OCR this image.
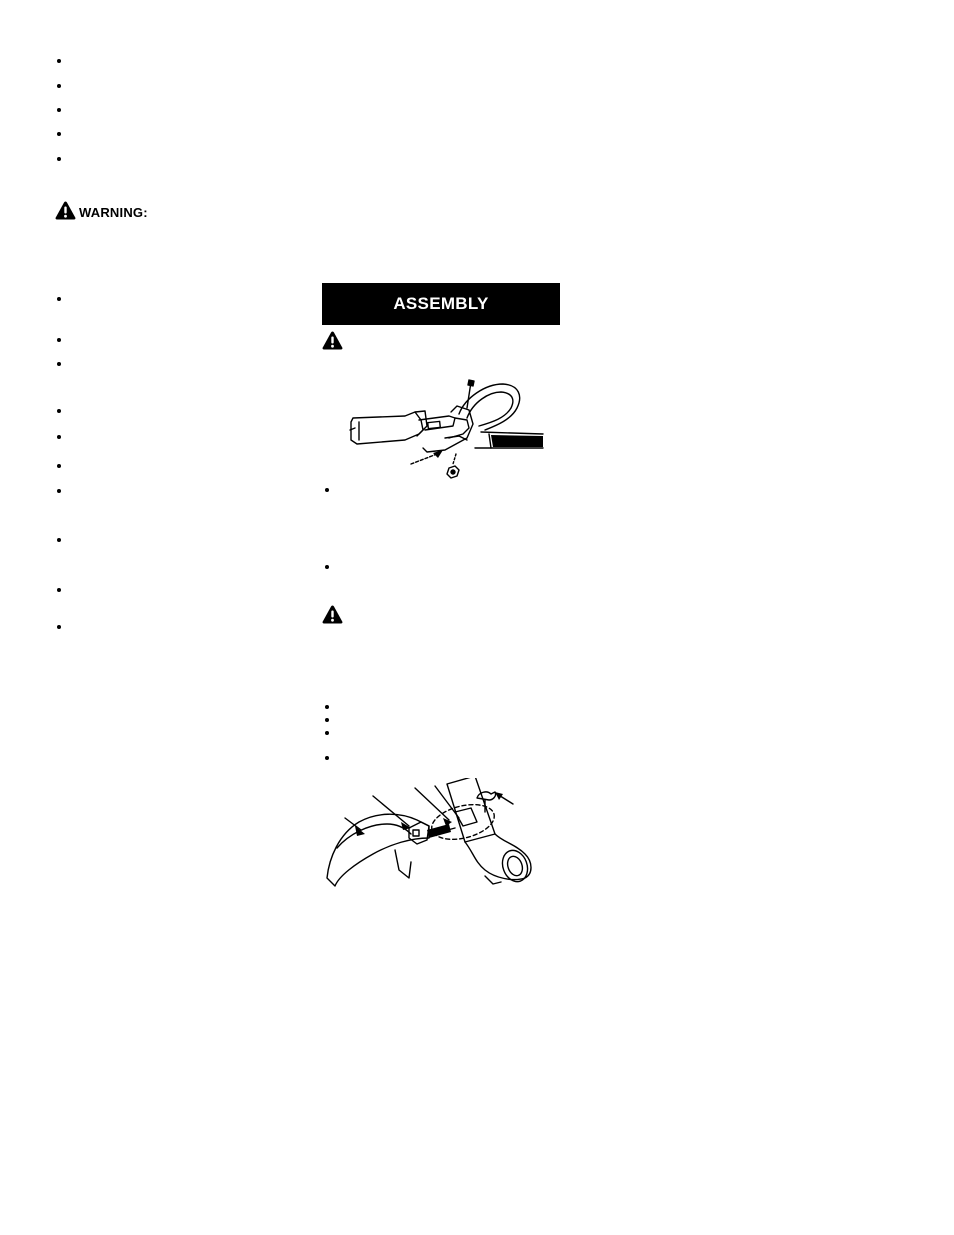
WARNING:
ASSEMBLY
